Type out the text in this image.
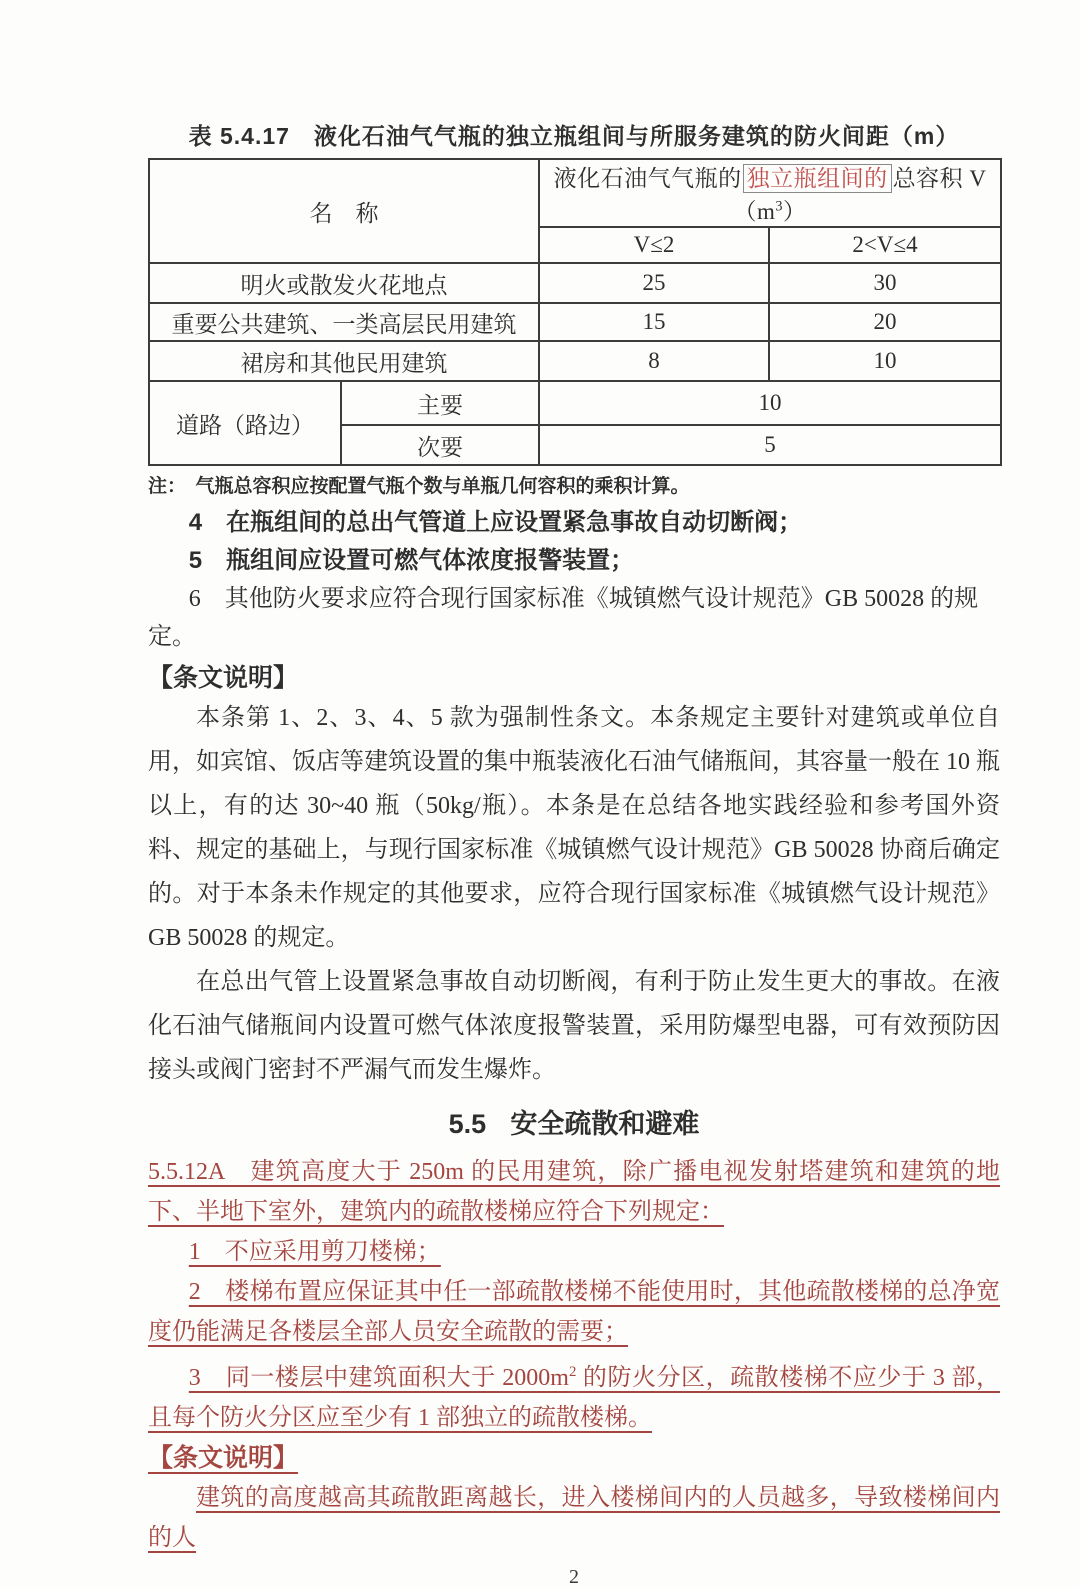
表 5.4.17　液化石油气气瓶的独立瓶组间与所服务建筑的防火间距（m）
名　称		液化石油气气瓶的 独立瓶组间的 总容积 $V(m^3)$	
		V≤2	2<V≤4
明火或散发火花地点		25	30
重要公共建筑、一类高层民用建筑		15	20
裙房和其他民用建筑		8	10
道路（路边）	主要	10	
	次要	5	

注：　气瓶总容积应按配置气瓶个数与单瓶几何容积的乘积计算。

4　在瓶组间的总出气管道上应设置紧急事故自动切断阀；

5　瓶组间应设置可燃气体浓度报警装置；

6　其他防火要求应符合现行国家标准《城镇燃气设计规范》GB 50028 的规定。

【条文说明】

本条第 1、2、3、4、5 款为强制性条文。本条规定主要针对建筑或单位自用，如宾馆、饭店等建筑设置的集中瓶装液化石油气储瓶间，其容量一般在 10 瓶以上，有的达 30~40 瓶（50kg/瓶）。本条是在总结各地实践经验和参考国外资料、规定的基础上，与现行国家标准《城镇燃气设计规范》GB 50028 协商后确定的。对于本条未作规定的其他要求，应符合现行国家标准《城镇燃气设计规范》GB 50028 的规定。

在总出气管上设置紧急事故自动切断阀，有利于防止发生更大的事故。在液化石油气储瓶间内设置可燃气体浓度报警装置，采用防爆型电器，可有效预防因接头或阀门密封不严漏气而发生爆炸。

5.5 安全疏散和避难

5.5.12A　建筑高度大于 250m 的民用建筑，除广播电视发射塔建筑和建筑的地下、半地下室外，建筑内的疏散楼梯应符合下列规定：

1　不应采用剪刀楼梯；

2　楼梯布置应保证其中任一部疏散楼梯不能使用时，其他疏散楼梯的总净宽度仍能满足各楼层全部人员安全疏散的需要；

3　同一楼层中建筑面积大于 $2000m^2$ 的防火分区，疏散楼梯不应少于 3 部，且每个防火分区应至少有 1 部独立的疏散楼梯。

【条文说明】

建筑的高度越高其疏散距离越长，进入楼梯间内的人员越多，导致楼梯间内的人

2
